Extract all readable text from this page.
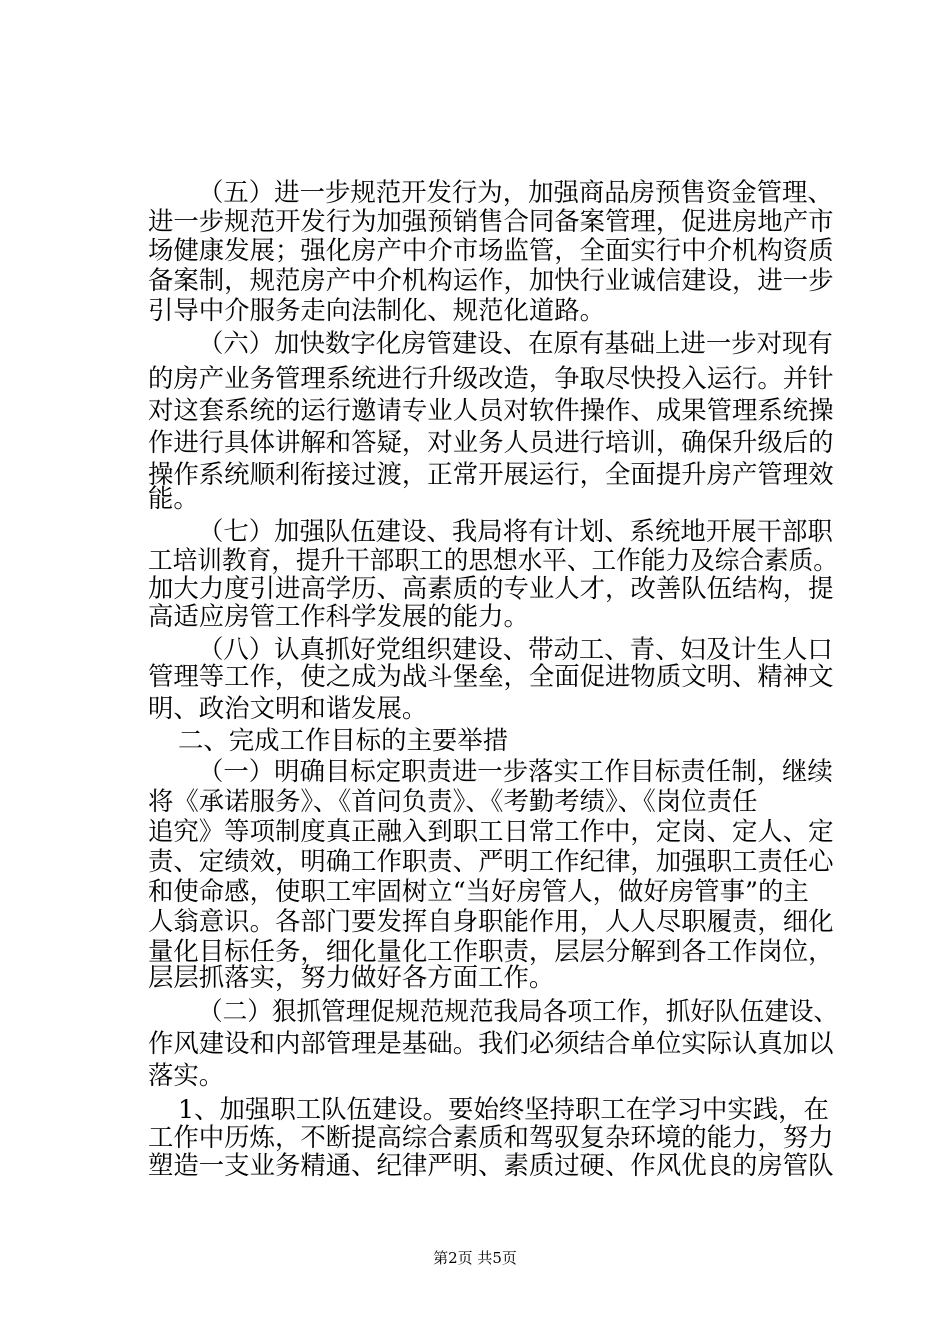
（五）进一步规范开发行为，加强商品房预售资金管理、
进一步规范开发行为加强预销售合同备案管理，促进房地产市
场健康发展；强化房产中介市场监管，全面实行中介机构资质
备案制，规范房产中介机构运作，加快行业诚信建设，进一步
引导中介服务走向法制化、规范化道路。
（六）加快数字化房管建设、在原有基础上进一步对现有
的房产业务管理系统进行升级改造，争取尽快投入运行。并针
对这套系统的运行邀请专业人员对软件操作、成果管理系统操
作进行具体讲解和答疑，对业务人员进行培训，确保升级后的
操作系统顺利衔接过渡，正常开展运行，全面提升房产管理效
能。
（七）加强队伍建设、我局将有计划、系统地开展干部职
工培训教育，提升干部职工的思想水平、工作能力及综合素质。
加大力度引进高学历、高素质的专业人才，改善队伍结构，提
高适应房管工作科学发展的能力。
（八）认真抓好党组织建设、带动工、青、妇及计生人口
管理等工作，使之成为战斗堡垒，全面促进物质文明、精神文
明、政治文明和谐发展。
二、完成工作目标的主要举措
（一）明确目标定职责进一步落实工作目标责任制，继续
将《承诺服务》、《首问负责》、《考勤考绩》、《岗位责任
追究》等项制度真正融入到职工日常工作中，定岗、定人、定
责、定绩效，明确工作职责、严明工作纪律，加强职工责任心
和使命感，使职工牢固树立“当好房管人，做好房管事”的主
人翁意识。各部门要发挥自身职能作用，人人尽职履责，细化
量化目标任务，细化量化工作职责，层层分解到各工作岗位，
层层抓落实，努力做好各方面工作。
（二）狠抓管理促规范规范我局各项工作，抓好队伍建设、
作风建设和内部管理是基础。我们必须结合单位实际认真加以
落实。
1、加强职工队伍建设。要始终坚持职工在学习中实践，在
工作中历炼，不断提高综合素质和驾驭复杂环境的能力，努力
塑造一支业务精通、纪律严明、素质过硬、作风优良的房管队
第2页 共5页
